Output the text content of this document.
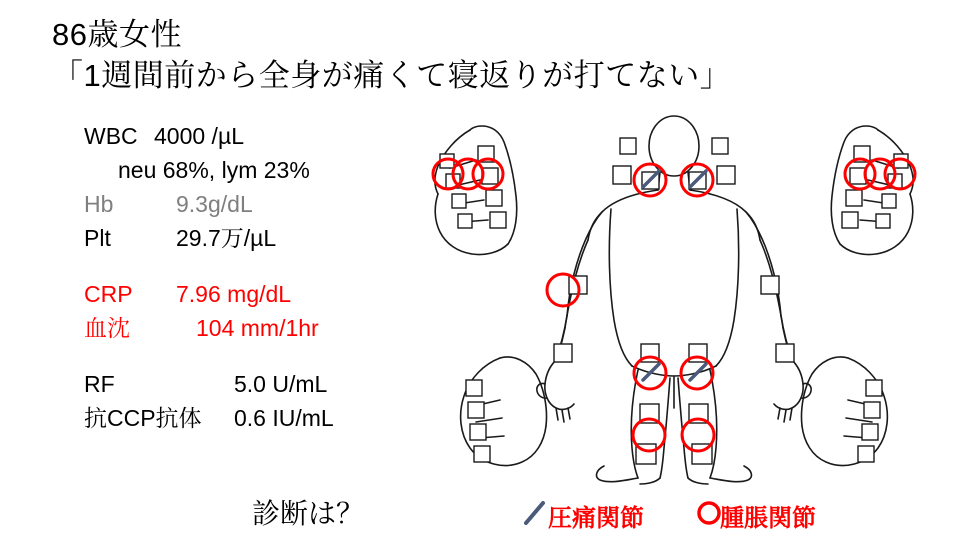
86歳女性
「1週間前から全身が痛くて寝返りが打てない」
WBC 4000 /µL
neu 68%, lym 23%
Hb	9.3g/dL
Plt	29.7万/µL
CRP	7.96 mg/dL
血沈	104 mm/1hr
RF	5.0 U/mL
抗CCP抗体	0.6 IU/mL
診断は？	圧痛関節	腫脹関節
